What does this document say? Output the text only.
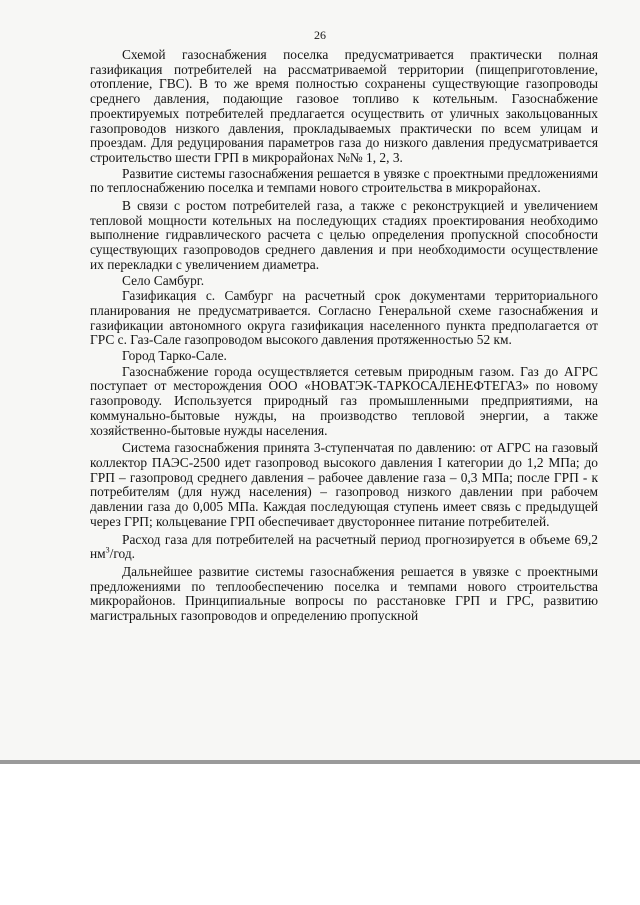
26

Схемой газоснабжения поселка предусматривается практически полная газификация потребителей на рассматриваемой территории (пищеприготовление, отопление, ГВС). В то же время полностью сохранены существующие газопроводы среднего давления, подающие газовое топливо к котельным. Газоснабжение проектируемых потребителей предлагается осуществить от уличных закольцованных газопроводов низкого давления, прокладываемых практически по всем улицам и проездам. Для редуцирования параметров газа до низкого давления предусматривается строительство шести ГРП в микрорайонах №№ 1, 2, 3.

Развитие системы газоснабжения решается в увязке с проектными предложениями по теплоснабжению поселка и темпами нового строительства в микрорайонах.

В связи с ростом потребителей газа, а также с реконструкцией и увеличением тепловой мощности котельных на последующих стадиях проектирования необходимо выполнение гидравлического расчета с целью определения пропускной способности существующих газопроводов среднего давления и при необходимости осуществление их перекладки с увеличением диаметра.

Село Самбург.

Газификация с. Самбург на расчетный срок документами территориального планирования не предусматривается. Согласно Генеральной схеме газоснабжения и газификации автономного округа газификация населенного пункта предполагается от ГРС с. Газ-Сале газопроводом высокого давления протяженностью 52 км.

Город Тарко-Сале.

Газоснабжение города осуществляется сетевым природным газом. Газ до АГРС поступает от месторождения ООО «НОВАТЭК-ТАРКОСАЛЕНЕФТЕГАЗ» по новому газопроводу. Используется природный газ промышленными предприятиями, на коммунально-бытовые нужды, на производство тепловой энергии, а также хозяйственно-бытовые нужды населения.

Система газоснабжения принята 3-ступенчатая по давлению: от АГРС на газовый коллектор ПАЭС-2500 идет газопровод высокого давления I категории до 1,2 МПа; до ГРП – газопровод среднего давления – рабочее давление газа – 0,3 МПа; после ГРП - к потребителям (для нужд населения) – газопровод низкого давлении при рабочем давлении газа до 0,005 МПа. Каждая последующая ступень имеет связь с предыдущей через ГРП; кольцевание ГРП обеспечивает двустороннее питание потребителей.

Расход газа для потребителей на расчетный период прогнозируется в объеме 69,2 $нм^3$/год.

Дальнейшее развитие системы газоснабжения решается в увязке с проектными предложениями по теплообеспечению поселка и темпами нового строительства микрорайонов. Принципиальные вопросы по расстановке ГРП и ГРС, развитию магистральных газопроводов и определению пропускной
